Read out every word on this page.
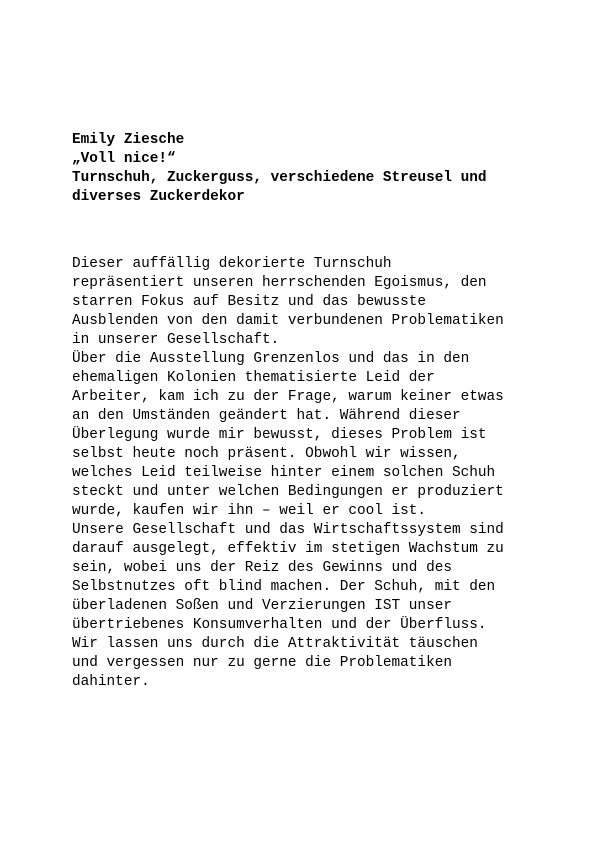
Emily Ziesche

„Voll nice!“

Turnschuh, Zuckerguss, verschiedene Streusel und

diverses Zuckerdekor

Dieser auffällig dekorierte Turnschuh

repräsentiert unseren herrschenden Egoismus, den

starren Fokus auf Besitz und das bewusste

Ausblenden von den damit verbundenen Problematiken

in unserer Gesellschaft.

Über die Ausstellung Grenzenlos und das in den

ehemaligen Kolonien thematisierte Leid der

Arbeiter, kam ich zu der Frage, warum keiner etwas

an den Umständen geändert hat. Während dieser

Überlegung wurde mir bewusst, dieses Problem ist

selbst heute noch präsent. Obwohl wir wissen,

welches Leid teilweise hinter einem solchen Schuh

steckt und unter welchen Bedingungen er produziert

wurde, kaufen wir ihn – weil er cool ist.

Unsere Gesellschaft und das Wirtschaftssystem sind

darauf ausgelegt, effektiv im stetigen Wachstum zu

sein, wobei uns der Reiz des Gewinns und des

Selbstnutzes oft blind machen. Der Schuh, mit den

überladenen Soßen und Verzierungen IST unser

übertriebenes Konsumverhalten und der Überfluss.

Wir lassen uns durch die Attraktivität täuschen

und vergessen nur zu gerne die Problematiken

dahinter.
